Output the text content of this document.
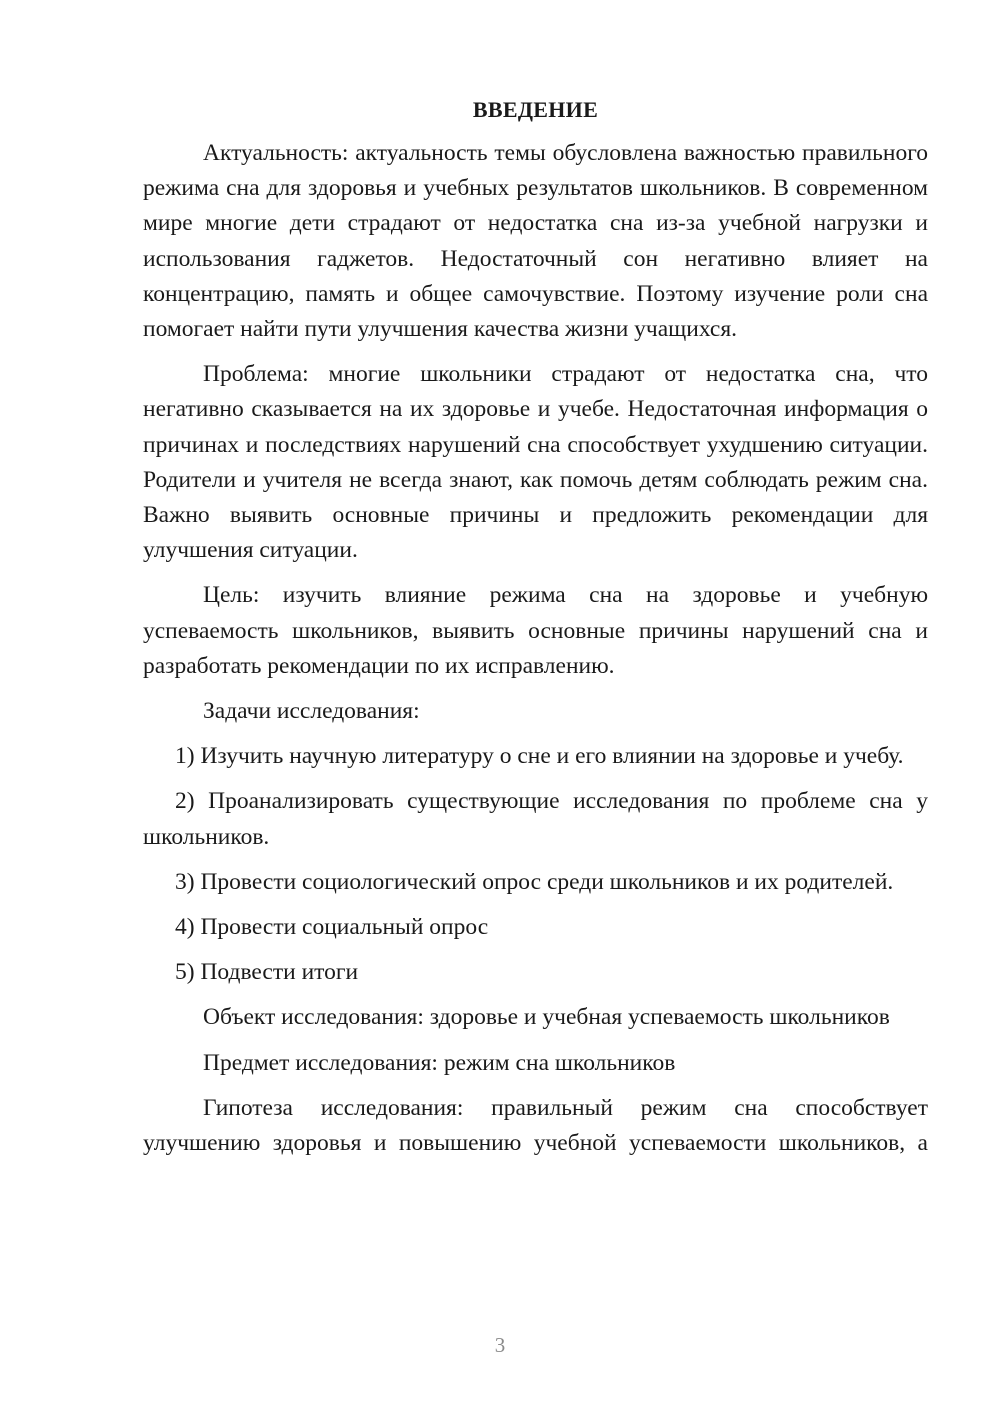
ВВЕДЕНИЕ

Актуальность: актуальность темы обусловлена важностью правильного режима сна для здоровья и учебных результатов школьников. В современном мире многие дети страдают от недостатка сна из-за учебной нагрузки и использования гаджетов. Недостаточный сон негативно влияет на концентрацию, память и общее самочувствие. Поэтому изучение роли сна помогает найти пути улучшения качества жизни учащихся.

Проблема: многие школьники страдают от недостатка сна, что негативно сказывается на их здоровье и учебе. Недостаточная информация о причинах и последствиях нарушений сна способствует ухудшению ситуации. Родители и учителя не всегда знают, как помочь детям соблюдать режим сна. Важно выявить основные причины и предложить рекомендации для улучшения ситуации.

Цель: изучить влияние режима сна на здоровье и учебную успеваемость школьников, выявить основные причины нарушений сна и разработать рекомендации по их исправлению.

Задачи исследования:

1) Изучить научную литературу о сне и его влиянии на здоровье и учебу.

2) Проанализировать существующие исследования по проблеме сна у школьников.

3) Провести социологический опрос среди школьников и их родителей.

4) Провести социальный опрос

5) Подвести итоги

Объект исследования: здоровье и учебная успеваемость школьников

Предмет исследования: режим сна школьников

Гипотеза исследования: правильный режим сна способствует улучшению здоровья и повышению учебной успеваемости школьников, а

3
